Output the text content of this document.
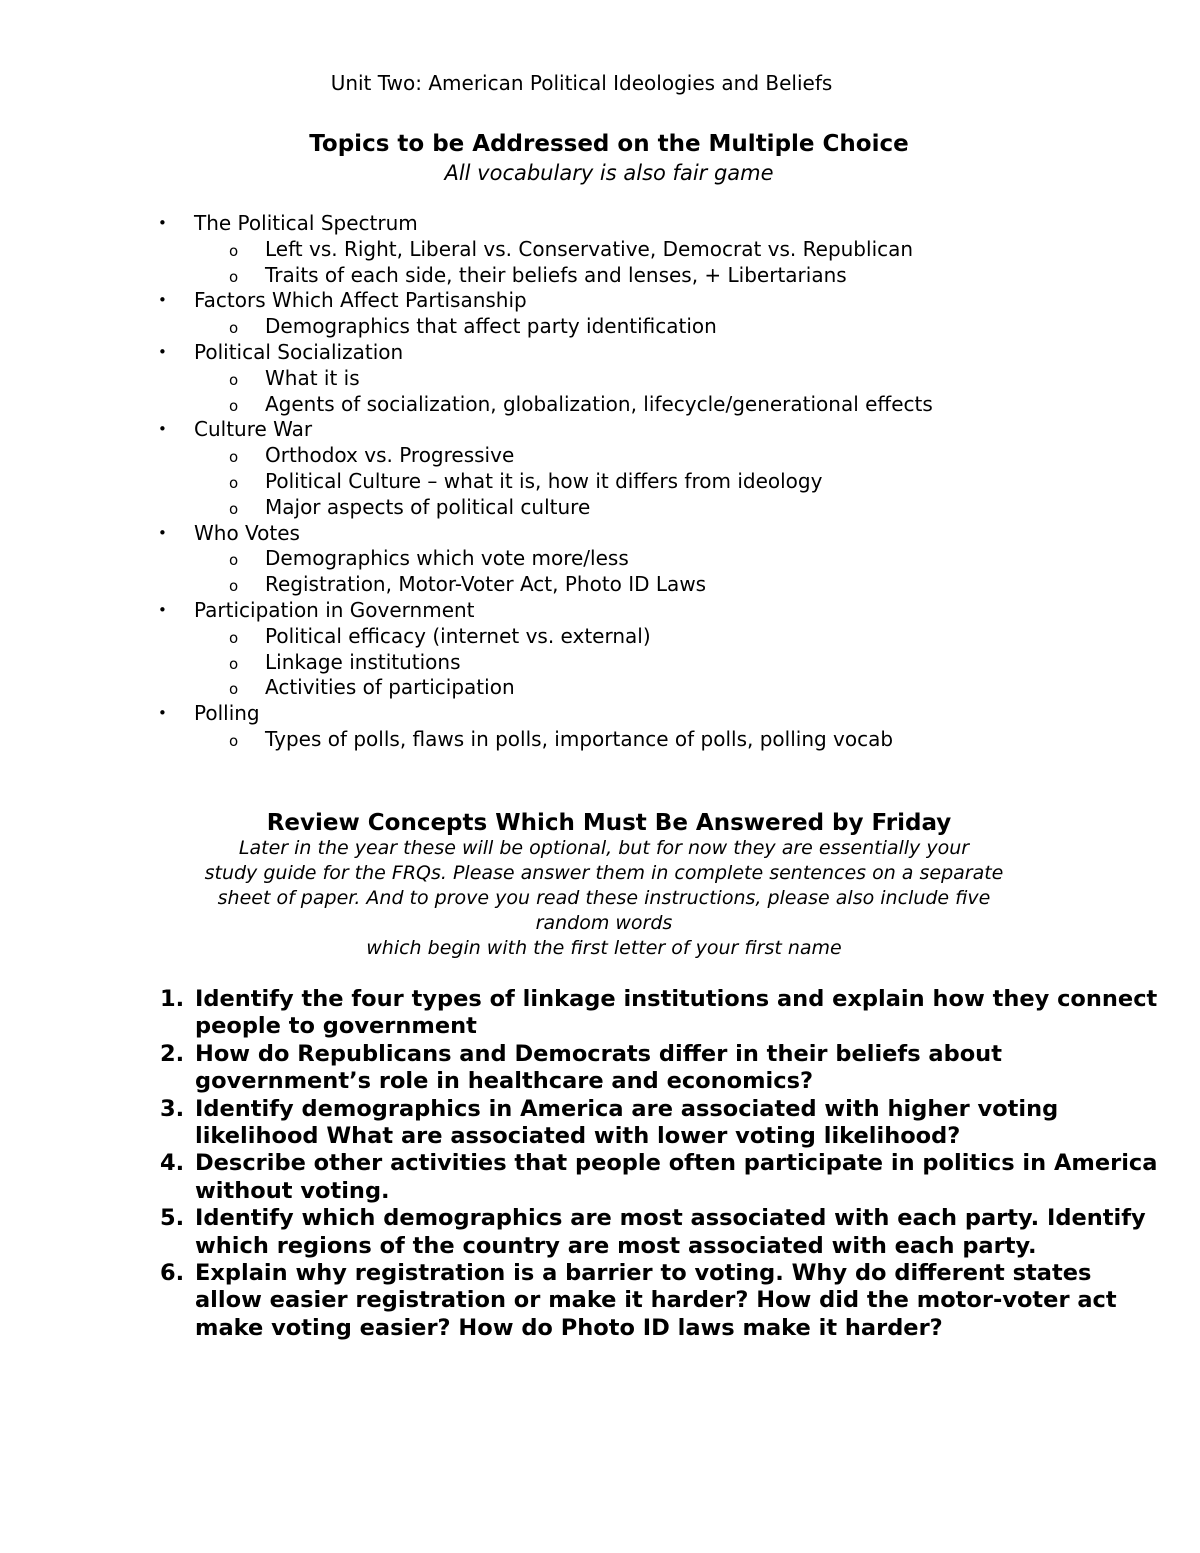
Unit Two: American Political Ideologies and Beliefs
Topics to be Addressed on the Multiple Choice
All vocabulary is also fair game
• The Political Spectrum
o Left vs. Right, Liberal vs. Conservative, Democrat vs. Republican
o Traits of each side, their beliefs and lenses, + Libertarians
• Factors Which Affect Partisanship
o Demographics that affect party identification
• Political Socialization
o What it is
o Agents of socialization, globalization, lifecycle/generational effects
• Culture War
o Orthodox vs. Progressive
o Political Culture – what it is, how it differs from ideology
o Major aspects of political culture
• Who Votes
o Demographics which vote more/less
o Registration, Motor-Voter Act, Photo ID Laws
• Participation in Government
o Political efficacy (internet vs. external)
o Linkage institutions
o Activities of participation
• Polling
o Types of polls, flaws in polls, importance of polls, polling vocab
Review Concepts Which Must Be Answered by Friday
Later in the year these will be optional, but for now they are essentially your
study guide for the FRQs. Please answer them in complete sentences on a separate
sheet of paper. And to prove you read these instructions, please also include five
random words
which begin with the first letter of your first name
1. Identify the four types of linkage institutions and explain how they connect
people to government
2. How do Republicans and Democrats differ in their beliefs about
government’s role in healthcare and economics?
3. Identify demographics in America are associated with higher voting
likelihood What are associated with lower voting likelihood?
4. Describe other activities that people often participate in politics in America
without voting.
5. Identify which demographics are most associated with each party. Identify
which regions of the country are most associated with each party.
6. Explain why registration is a barrier to voting. Why do different states
allow easier registration or make it harder? How did the motor-voter act
make voting easier? How do Photo ID laws make it harder?
